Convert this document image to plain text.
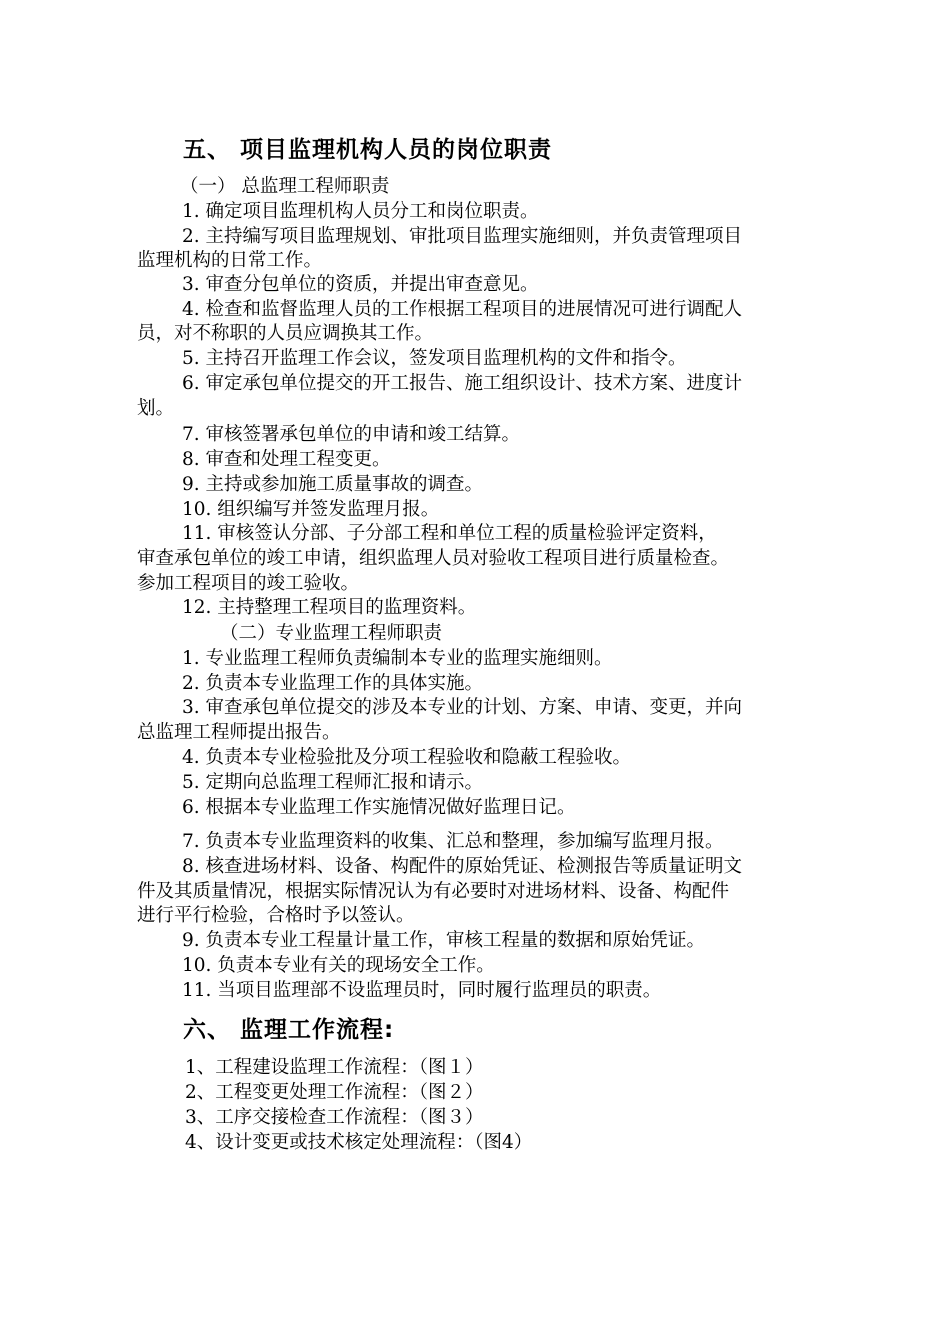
五、 项目监理机构人员的岗位职责
（一） 总监理工程师职责
1. 确定项目监理机构人员分工和岗位职责。
2. 主持编写项目监理规划、审批项目监理实施细则，并负责管理项目
监理机构的日常工作。
3. 审查分包单位的资质，并提出审查意见。
4. 检查和监督监理人员的工作根据工程项目的进展情况可进行调配人
员，对不称职的人员应调换其工作。
5. 主持召开监理工作会议，签发项目监理机构的文件和指令。
6. 审定承包单位提交的开工报告、施工组织设计、技术方案、进度计
划。
7. 审核签署承包单位的申请和竣工结算。
8. 审查和处理工程变更。
9. 主持或参加施工质量事故的调查。
10. 组织编写并签发监理月报。
11. 审核签认分部、子分部工程和单位工程的质量检验评定资料，
审查承包单位的竣工申请，组织监理人员对验收工程项目进行质量检查。
参加工程项目的竣工验收。
12. 主持整理工程项目的监理资料。
（二）专业监理工程师职责
1. 专业监理工程师负责编制本专业的监理实施细则。
2. 负责本专业监理工作的具体实施。
3. 审查承包单位提交的涉及本专业的计划、方案、申请、变更，并向
总监理工程师提出报告。
4. 负责本专业检验批及分项工程验收和隐蔽工程验收。
5. 定期向总监理工程师汇报和请示。
6. 根据本专业监理工作实施情况做好监理日记。
7. 负责本专业监理资料的收集、汇总和整理，参加编写监理月报。
8. 核查进场材料、设备、构配件的原始凭证、检测报告等质量证明文
件及其质量情况，根据实际情况认为有必要时对进场材料、设备、构配件
进行平行检验，合格时予以签认。
9. 负责本专业工程量计量工作，审核工程量的数据和原始凭证。
10. 负责本专业有关的现场安全工作。
11. 当项目监理部不设监理员时，同时履行监理员的职责。
六、 监理工作流程:
1、工程建设监理工作流程：（图１）
2、工程变更处理工作流程：（图２）
3、工序交接检查工作流程：（图３）
4、设计变更或技术核定处理流程：（图4）
